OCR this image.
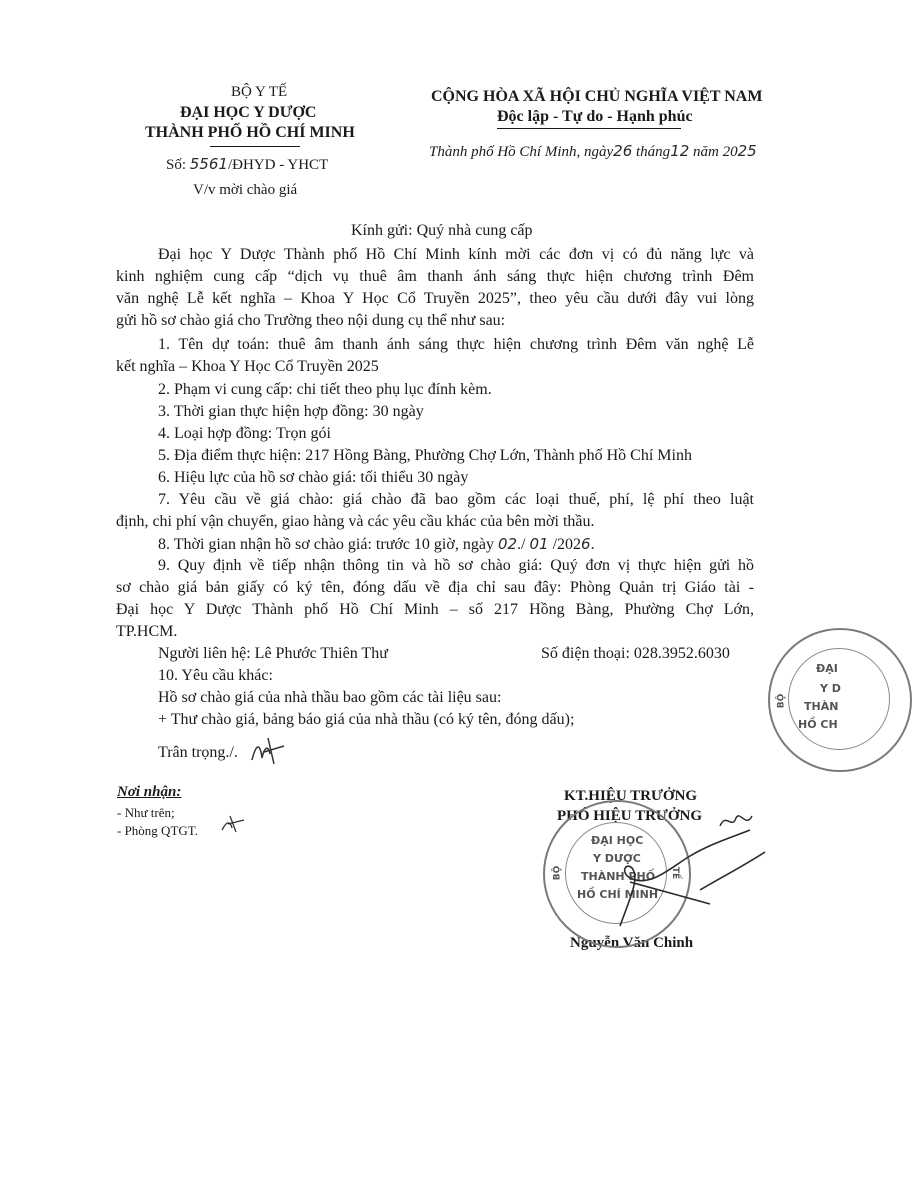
BỘ Y TẾ
ĐẠI HỌC Y DƯỢC
THÀNH PHỐ HỒ CHÍ MINH
Số: 5561/ĐHYD - YHCT
V/v mời chào giá
CỘNG HÒA XÃ HỘI CHỦ NGHĨA VIỆT NAM
Độc lập - Tự do - Hạnh phúc
Thành phố Hồ Chí Minh, ngày26 tháng12 năm 2025
Kính gửi: Quý nhà cung cấp
Đại học Y Dược Thành phố Hồ Chí Minh kính mời các đơn vị có đủ năng lực và
kinh nghiệm cung cấp “dịch vụ thuê âm thanh ánh sáng thực hiện chương trình Đêm
văn nghệ Lễ kết nghĩa – Khoa Y Học Cổ Truyền 2025”, theo yêu cầu dưới đây vui lòng
gửi hồ sơ chào giá cho Trường theo nội dung cụ thể như sau:
1. Tên dự toán: thuê âm thanh ánh sáng thực hiện chương trình Đêm văn nghệ Lễ
kết nghĩa – Khoa Y Học Cổ Truyền 2025
2. Phạm vi cung cấp: chi tiết theo phụ lục đính kèm.
3. Thời gian thực hiện hợp đồng: 30 ngày
4. Loại hợp đồng: Trọn gói
5. Địa điểm thực hiện: 217 Hồng Bàng, Phường Chợ Lớn, Thành phố Hồ Chí Minh
6. Hiệu lực của hồ sơ chào giá: tối thiểu 30 ngày
7. Yêu cầu về giá chào: giá chào đã bao gồm các loại thuế, phí, lệ phí theo luật
định, chi phí vận chuyển, giao hàng và các yêu cầu khác của bên mời thầu.
8. Thời gian nhận hồ sơ chào giá: trước 10 giờ, ngày 02./ 01 /2026.
9. Quy định về tiếp nhận thông tin và hồ sơ chào giá: Quý đơn vị thực hiện gửi hồ
sơ chào giá bản giấy có ký tên, đóng dấu về địa chỉ sau đây: Phòng Quản trị Giáo tài -
Đại học Y Dược Thành phố Hồ Chí Minh – số 217 Hồng Bàng, Phường Chợ Lớn,
TP.HCM.
Người liên hệ: Lê Phước Thiên Thư	Số điện thoại: 028.3952.6030
10. Yêu cầu khác:
Hồ sơ chào giá của nhà thầu bao gồm các tài liệu sau:
+ Thư chào giá, bảng báo giá của nhà thầu (có ký tên, đóng dấu);
Trân trọng./.
Nơi nhận:
- Như trên;
- Phòng QTGT.
KT.HIỆU TRƯỞNG
PHÓ HIỆU TRƯỞNG
Nguyễn Văn Chinh
ĐẠI HỌC
Y DƯỢC
THÀNH PHỐ
HỒ CHÍ MINH
BỘ	TẾ
ĐẠI
Y D
THÀN
HỒ CH
BỘ
